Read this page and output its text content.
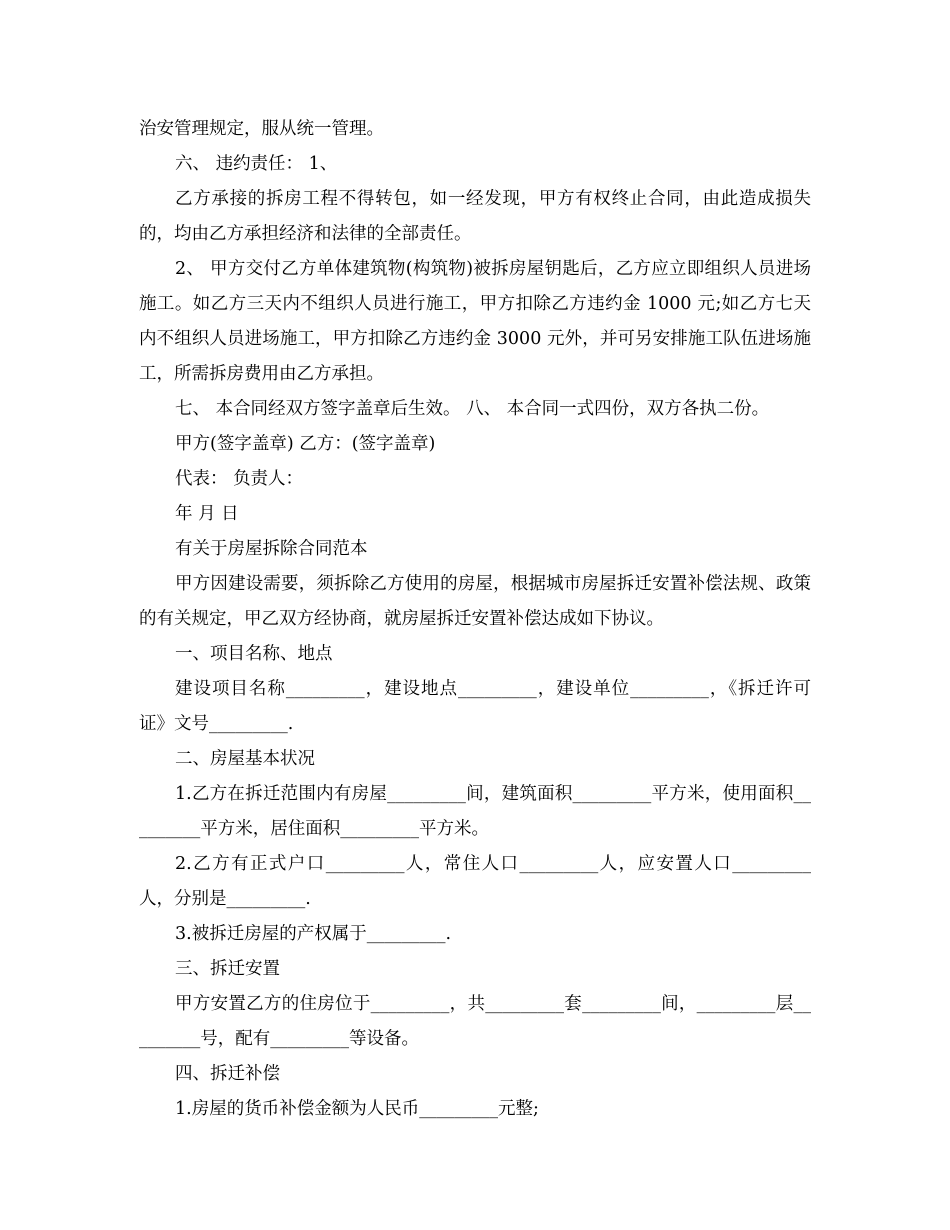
治安管理规定，服从统一管理。

六、 违约责任： 1、

乙方承接的拆房工程不得转包，如一经发现，甲方有权终止合同，由此造成损失的，均由乙方承担经济和法律的全部责任。

2、 甲方交付乙方单体建筑物(构筑物)被拆房屋钥匙后，乙方应立即组织人员进场施工。如乙方三天内不组织人员进行施工，甲方扣除乙方违约金 1000 元;如乙方七天内不组织人员进场施工，甲方扣除乙方违约金 3000 元外，并可另安排施工队伍进场施工，所需拆房费用由乙方承担。

七、 本合同经双方签字盖章后生效。 八、 本合同一式四份，双方各执二份。

甲方(签字盖章) 乙方：(签字盖章)

代表： 负责人：

年 月 日

有关于房屋拆除合同范本

甲方因建设需要，须拆除乙方使用的房屋，根据城市房屋拆迁安置补偿法规、政策的有关规定，甲乙双方经协商，就房屋拆迁安置补偿达成如下协议。

一、项目名称、地点

建设项目名称_________，建设地点_________，建设单位_________，《拆迁许可证》文号_________.

二、房屋基本状况

1.乙方在拆迁范围内有房屋_________间，建筑面积_________平方米，使用面积_________平方米，居住面积_________平方米。

2.乙方有正式户口_________人，常住人口_________人，应安置人口_________人，分别是_________.

3.被拆迁房屋的产权属于_________.

三、拆迁安置

甲方安置乙方的住房位于_________，共_________套_________间，_________层_________号，配有_________等设备。

四、拆迁补偿

1.房屋的货币补偿金额为人民币_________元整;
